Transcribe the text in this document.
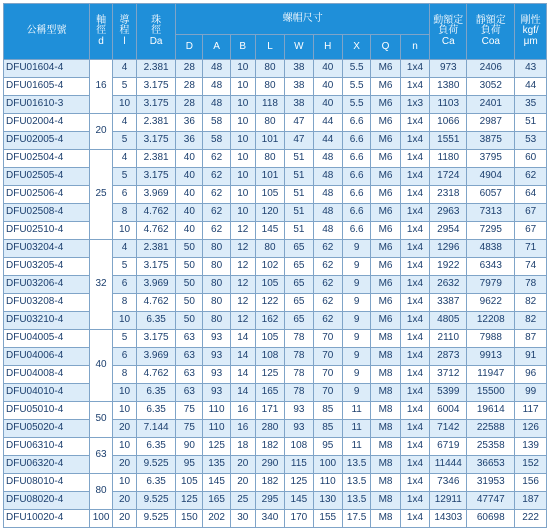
公稱型號	軸
徑
d	導
程
l	珠
徑
Da	螺帽尺寸									動額定
負荷
Ca	靜額定
負荷
Coa	剛性
kgf/
μm

				D	A	B	L	W	H	X	Q	n			
DFU01604-4	16	4	2.381	28	48	10	80	38	40	5.5	M6	1x4	973	2406	43
DFU01605-4		5	3.175	28	48	10	80	38	40	5.5	M6	1x4	1380	3052	44
DFU01610-3		10	3.175	28	48	10	118	38	40	5.5	M6	1x3	1103	2401	35
DFU02004-4	20	4	2.381	36	58	10	80	47	44	6.6	M6	1x4	1066	2987	51
DFU02005-4		5	3.175	36	58	10	101	47	44	6.6	M6	1x4	1551	3875	53
DFU02504-4	25	4	2.381	40	62	10	80	51	48	6.6	M6	1x4	1180	3795	60
DFU02505-4		5	3.175	40	62	10	101	51	48	6.6	M6	1x4	1724	4904	62
DFU02506-4		6	3.969	40	62	10	105	51	48	6.6	M6	1x4	2318	6057	64
DFU02508-4		8	4.762	40	62	10	120	51	48	6.6	M6	1x4	2963	7313	67
DFU02510-4		10	4.762	40	62	12	145	51	48	6.6	M6	1x4	2954	7295	67
DFU03204-4	32	4	2.381	50	80	12	80	65	62	9	M6	1x4	1296	4838	71
DFU03205-4		5	3.175	50	80	12	102	65	62	9	M6	1x4	1922	6343	74
DFU03206-4		6	3.969	50	80	12	105	65	62	9	M6	1x4	2632	7979	78
DFU03208-4		8	4.762	50	80	12	122	65	62	9	M6	1x4	3387	9622	82
DFU03210-4		10	6.35	50	80	12	162	65	62	9	M6	1x4	4805	12208	82
DFU04005-4	40	5	3.175	63	93	14	105	78	70	9	M8	1x4	2110	7988	87
DFU04006-4		6	3.969	63	93	14	108	78	70	9	M8	1x4	2873	9913	91
DFU04008-4		8	4.762	63	93	14	125	78	70	9	M8	1x4	3712	11947	96
DFU04010-4		10	6.35	63	93	14	165	78	70	9	M8	1x4	5399	15500	99
DFU05010-4	50	10	6.35	75	110	16	171	93	85	11	M8	1x4	6004	19614	117
DFU05020-4		20	7.144	75	110	16	280	93	85	11	M8	1x4	7142	22588	126
DFU06310-4	63	10	6.35	90	125	18	182	108	95	11	M8	1x4	6719	25358	139
DFU06320-4		20	9.525	95	135	20	290	115	100	13.5	M8	1x4	11444	36653	152
DFU08010-4	80	10	6.35	105	145	20	182	125	110	13.5	M8	1x4	7346	31953	156
DFU08020-4		20	9.525	125	165	25	295	145	130	13.5	M8	1x4	12911	47747	187
DFU10020-4	100	20	9.525	150	202	30	340	170	155	17.5	M8	1x4	14303	60698	222
